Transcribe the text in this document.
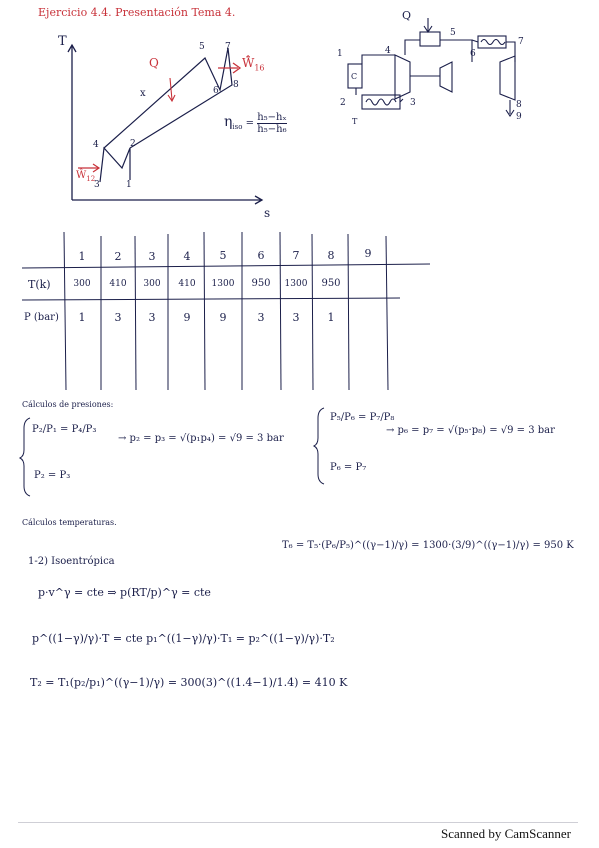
Ejercicio 4.4. Presentación Tema 4.
T
s
Q	$W̆̂_{16}$
$Ŵ_{12}$
1
2
3
4
5
6
7
8
x
$\eta_{iso} = \frac{\text{h₅−hₓ}}{\text{h₅−h₆}}$
Q
C
T
1
2	3
4
5
6
7
8
9
1	2	3	4	5	6	7	8	9
T(k)	300	410	300	410	1300	950	1300	950
P (bar)	1	3	3	9	9	3	3	1
Cálculos de presiones:
P₂/P₁ = P₄/P₃
→ p₂ = p₃ = √(p₁p₄) = √9 = 3 bar
P₂ = P₃
P₅/P₆ = P₇/P₈
→ p₆ = p₇ = √(p₅·p₈) = √9 = 3 bar
P₆ = P₇
Cálculos temperaturas.
T₆ = T₅·(P₆/P₅)^((γ−1)/γ) = 1300·(3/9)^((γ−1)/γ) = 950 K
1-2) Isoentrópica
p·v^γ = cte ⇒ p(RT/p)^γ = cte
p^((1−γ)/γ)·T = cte p₁^((1−γ)/γ)·T₁ = p₂^((1−γ)/γ)·T₂
T₂ = T₁(p₂/p₁)^((γ−1)/γ) = 300(3)^((1.4−1)/1.4) = 410 K
Scanned by CamScanner
